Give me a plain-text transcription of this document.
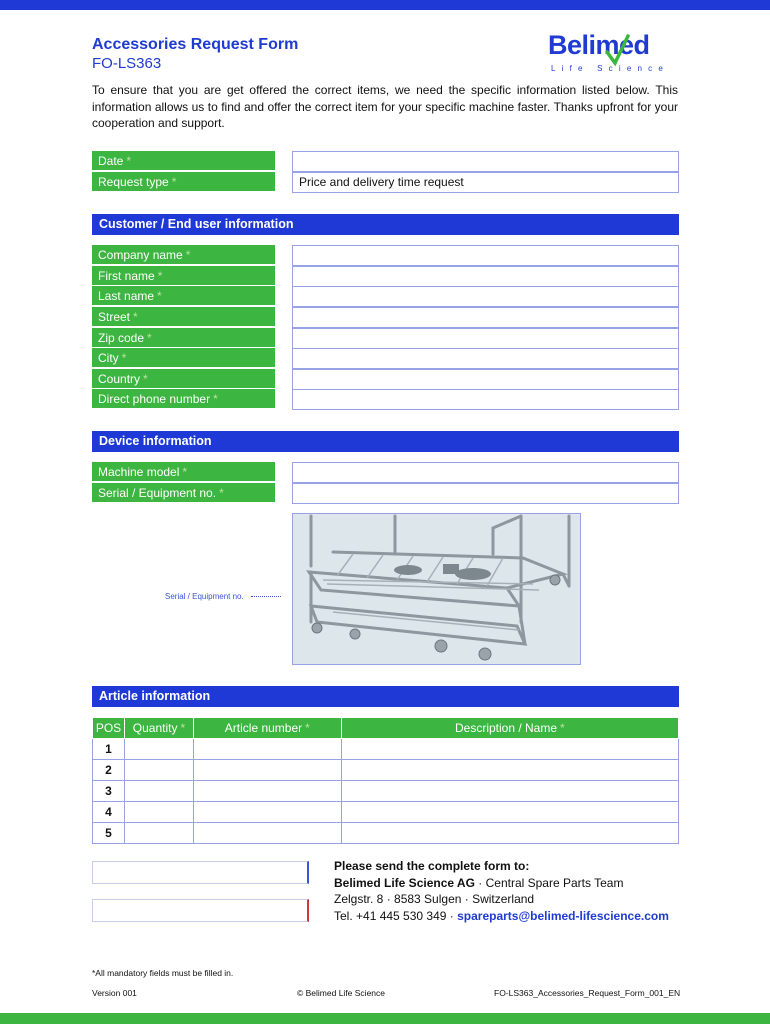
Accessories Request Form
FO-LS363
Belimed
Life Science
To ensure that you are get offered the correct items, we need the specific information listed below. This information allows us to find and offer the correct item for your specific machine faster. Thanks upfront for your cooperation and support.
Date *
Request type *	Price and delivery time request
Customer / End user information
Company name *
First name *
Last name *
Street *
Zip code *
City *
Country *
Direct phone number *
Device information
Machine model *
Serial / Equipment no. *
Serial / Equipment no.
Article information
POS	Quantity *	Article number *	Description / Name *
1			
2			
3			
4			
5			
Please send the complete form to:
Belimed Life Science AG · Central Spare Parts Team
Zelgstr. 8 · 8583 Sulgen · Switzerland
Tel. +41 445 530 349 · spareparts@belimed-lifescience.com
*All mandatory fields must be filled in.
Version 001	© Belimed Life Science	FO-LS363_Accessories_Request_Form_001_EN
